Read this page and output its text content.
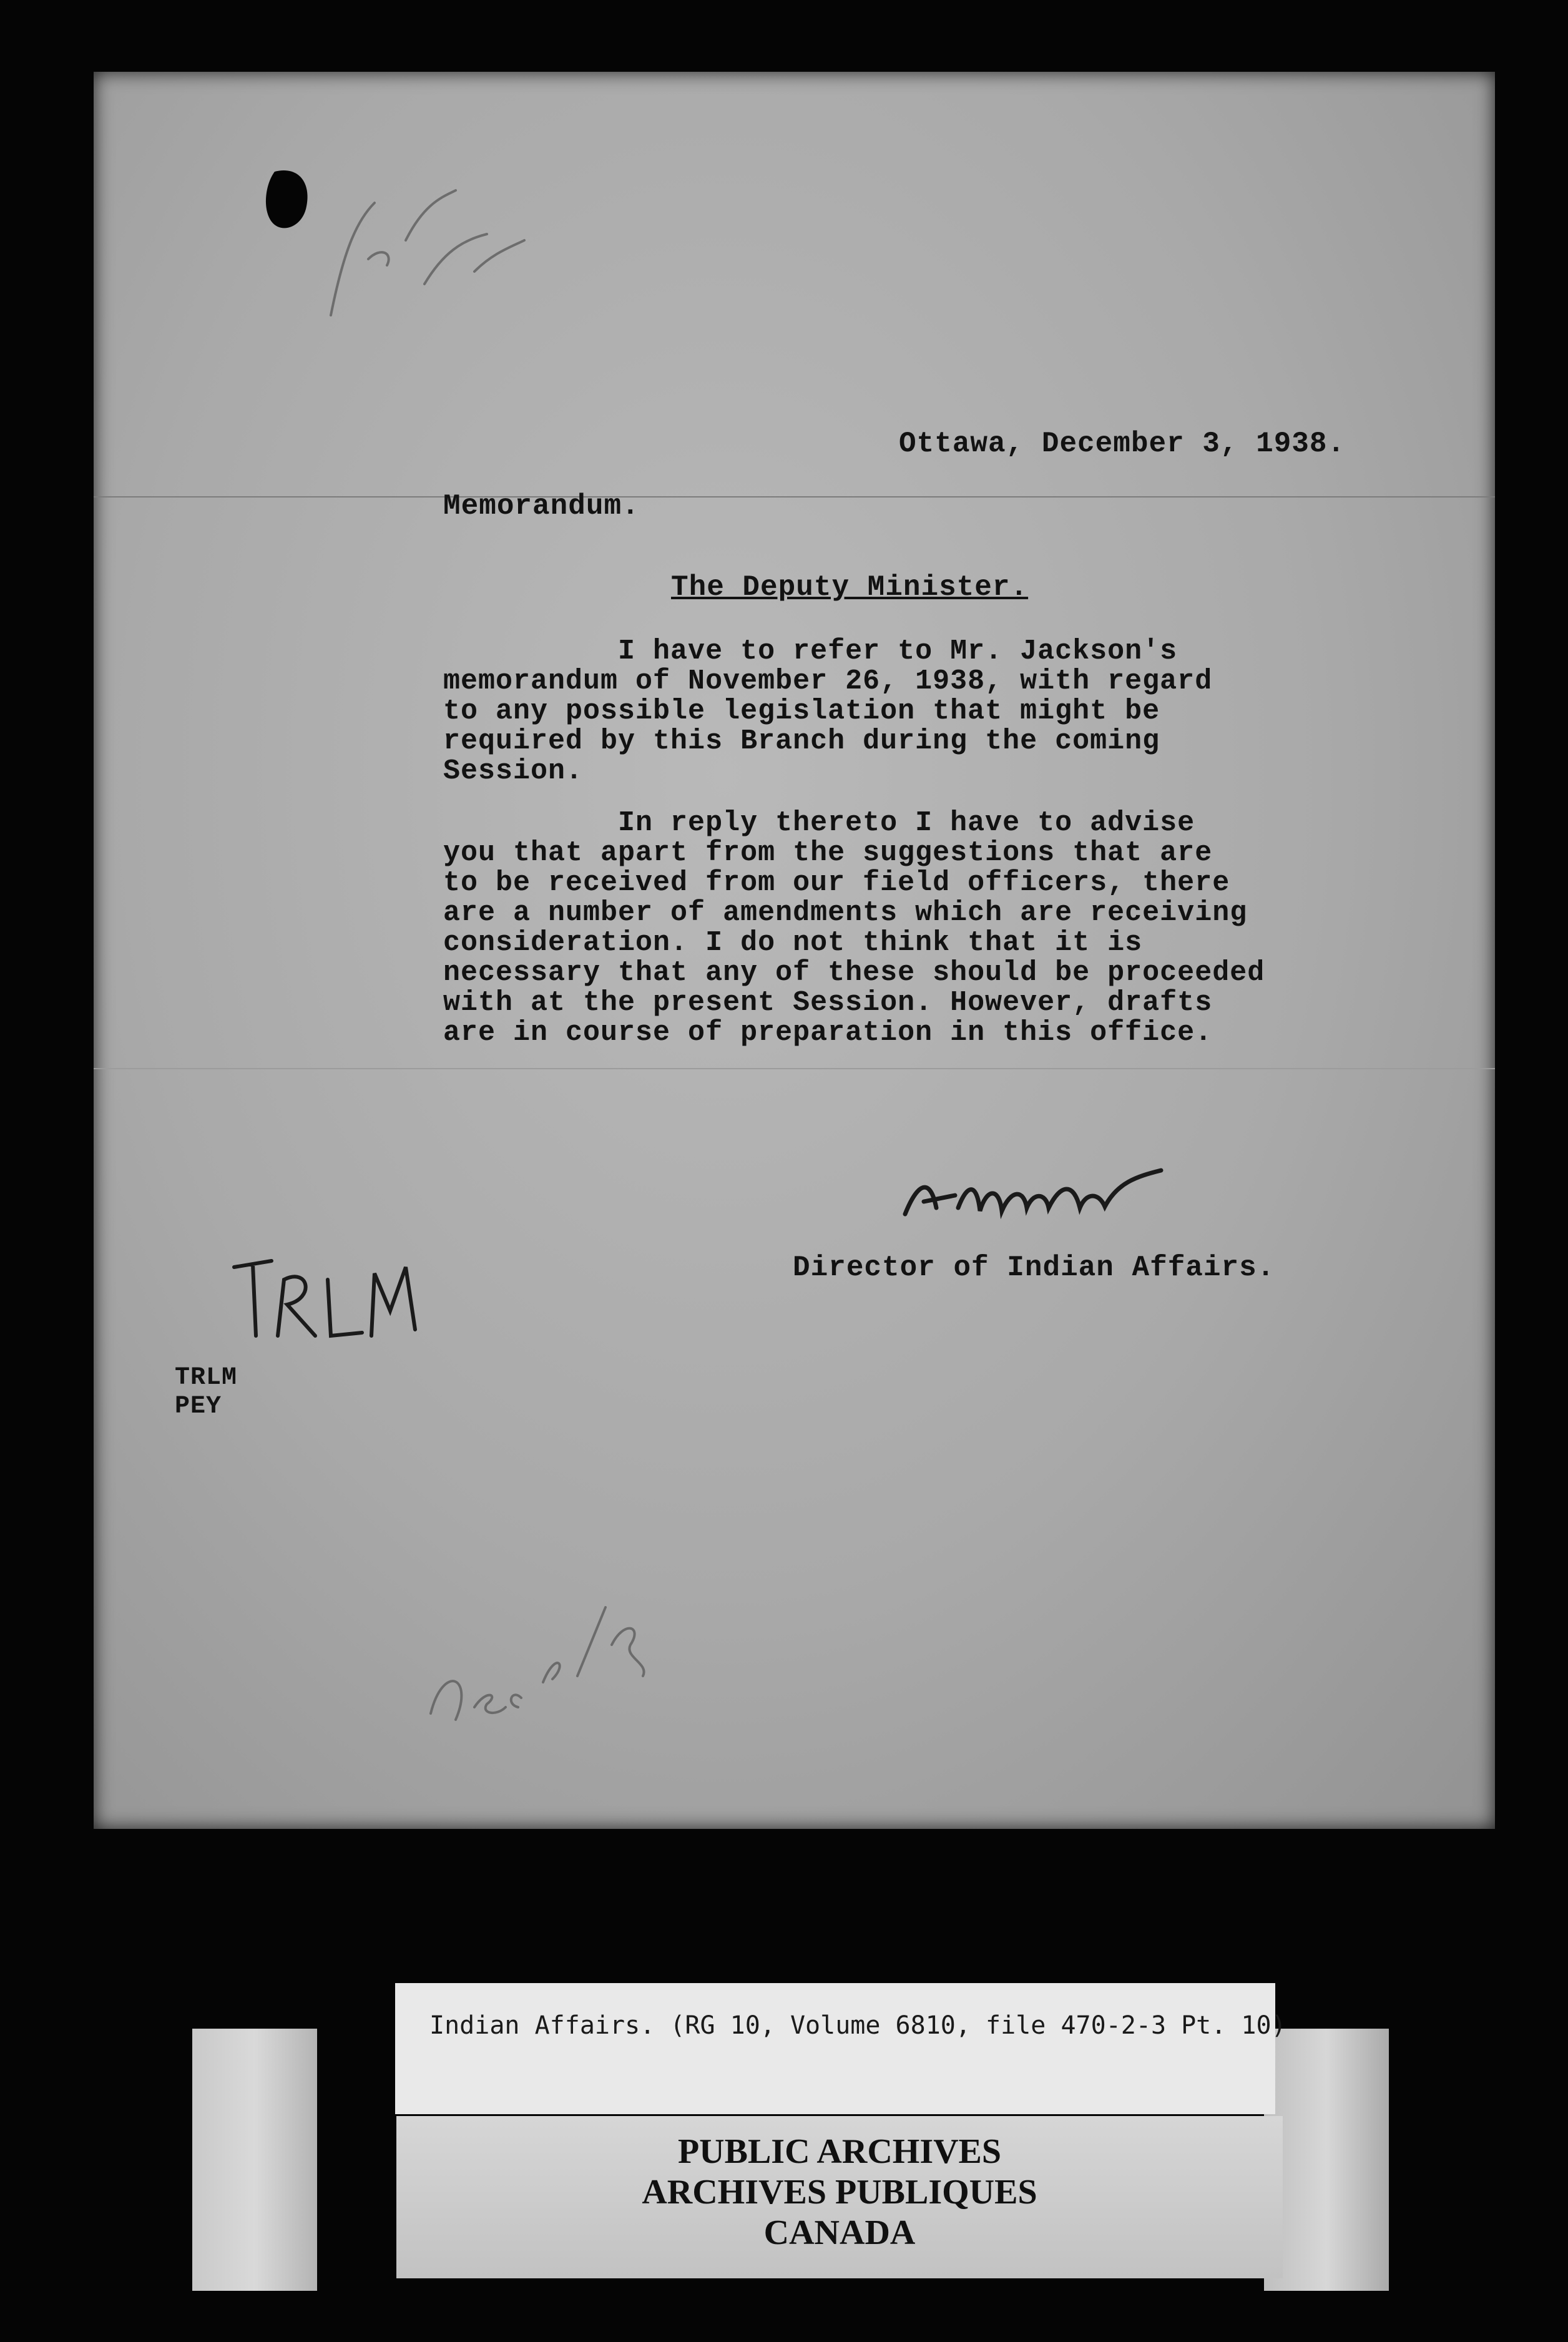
Ottawa, December 3, 1938.
Memorandum.
The Deputy Minister.
I have to refer to Mr. Jackson's
memorandum of November 26, 1938, with regard
to any possible legislation that might be
required by this Branch during the coming
Session.
In reply thereto I have to advise
you that apart from the suggestions that are
to be received from our field officers, there
are a number of amendments which are receiving
consideration. I do not think that it is
necessary that any of these should be proceeded
with at the present Session. However, drafts
are in course of preparation in this office.
Director of Indian Affairs.
TRLM
PEY
Indian Affairs. (RG 10, Volume 6810, file 470-2-3 Pt. 10)
PUBLIC ARCHIVES
ARCHIVES PUBLIQUES
CANADA
